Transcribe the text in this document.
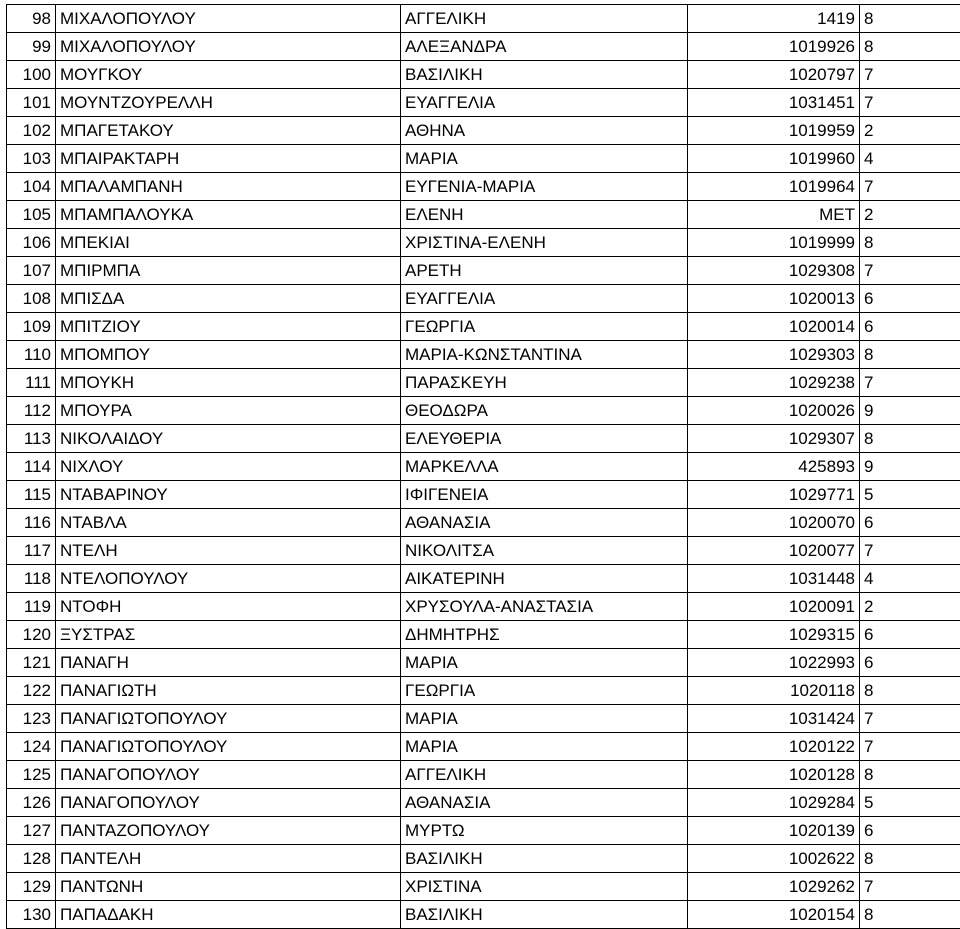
98	ΜΙΧΑΛΟΠΟΥΛΟΥ	ΑΓΓΕΛΙΚΗ	1419	8
99	ΜΙΧΑΛΟΠΟΥΛΟΥ	ΑΛΕΞΑΝΔΡΑ	1019926	8
100	ΜΟΥΓΚΟΥ	ΒΑΣΙΛΙΚΗ	1020797	7
101	ΜΟΥΝΤΖΟΥΡΕΛΛΗ	ΕΥΑΓΓΕΛΙΑ	1031451	7
102	ΜΠΑΓΕΤΑΚΟΥ	ΑΘΗΝΑ	1019959	2
103	ΜΠΑΙΡΑΚΤΑΡΗ	ΜΑΡΙΑ	1019960	4
104	ΜΠΑΛΑΜΠΑΝΗ	ΕΥΓΕΝΙΑ-ΜΑΡΙΑ	1019964	7
105	ΜΠΑΜΠΑΛΟΥΚΑ	ΕΛΕΝΗ	ΜΕΤ	2
106	ΜΠΕΚΙΑΙ	ΧΡΙΣΤΙΝΑ-ΕΛΕΝΗ	1019999	8
107	ΜΠΙΡΜΠΑ	ΑΡΕΤΗ	1029308	7
108	ΜΠΙΣΔΑ	ΕΥΑΓΓΕΛΙΑ	1020013	6
109	ΜΠΙΤΖΙΟΥ	ΓΕΩΡΓΙΑ	1020014	6
110	ΜΠΟΜΠΟΥ	ΜΑΡΙΑ-ΚΩΝΣΤΑΝΤΙΝΑ	1029303	8
111	ΜΠΟΥΚΗ	ΠΑΡΑΣΚΕΥΗ	1029238	7
112	ΜΠΟΥΡΑ	ΘΕΟΔΩΡΑ	1020026	9
113	ΝΙΚΟΛΑΙΔΟΥ	ΕΛΕΥΘΕΡΙΑ	1029307	8
114	ΝΙΧΛΟΥ	ΜΑΡΚΕΛΛΑ	425893	9
115	ΝΤΑΒΑΡΙΝΟΥ	ΙΦΙΓΕΝΕΙΑ	1029771	5
116	ΝΤΑΒΛΑ	ΑΘΑΝΑΣΙΑ	1020070	6
117	ΝΤΕΛΗ	ΝΙΚΟΛΙΤΣΑ	1020077	7
118	ΝΤΕΛΟΠΟΥΛΟΥ	ΑΙΚΑΤΕΡΙΝΗ	1031448	4
119	ΝΤΟΦΗ	ΧΡΥΣΟΥΛΑ-ΑΝΑΣΤΑΣΙΑ	1020091	2
120	ΞΥΣΤΡΑΣ	ΔΗΜΗΤΡΗΣ	1029315	6
121	ΠΑΝΑΓΗ	ΜΑΡΙΑ	1022993	6
122	ΠΑΝΑΓΙΩΤΗ	ΓΕΩΡΓΙΑ	1020118	8
123	ΠΑΝΑΓΙΩΤΟΠΟΥΛΟΥ	ΜΑΡΙΑ	1031424	7
124	ΠΑΝΑΓΙΩΤΟΠΟΥΛΟΥ	ΜΑΡΙΑ	1020122	7
125	ΠΑΝΑΓΟΠΟΥΛΟΥ	ΑΓΓΕΛΙΚΗ	1020128	8
126	ΠΑΝΑΓΟΠΟΥΛΟΥ	ΑΘΑΝΑΣΙΑ	1029284	5
127	ΠΑΝΤΑΖΟΠΟΥΛΟΥ	ΜΥΡΤΩ	1020139	6
128	ΠΑΝΤΕΛΗ	ΒΑΣΙΛΙΚΗ	1002622	8
129	ΠΑΝΤΩΝΗ	ΧΡΙΣΤΙΝΑ	1029262	7
130	ΠΑΠΑΔΑΚΗ	ΒΑΣΙΛΙΚΗ	1020154	8
